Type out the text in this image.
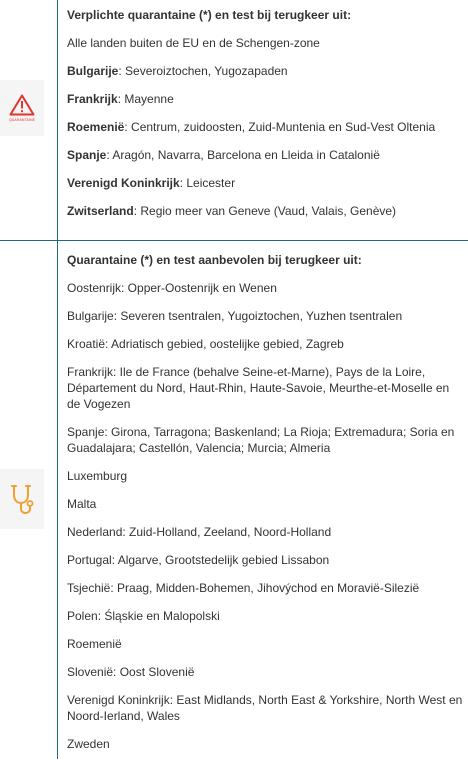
QUARANTAINE
Verplichte quarantaine (*) en test bij terugkeer uit:
Alle landen buiten de EU en de Schengen-zone
Bulgarije: Severoiztochen, Yugozapaden
Frankrijk: Mayenne
Roemenië: Centrum, zuidoosten, Zuid-Muntenia en Sud-Vest Oltenia
Spanje: Aragón, Navarra, Barcelona en Lleida in Catalonië
Verenigd Koninkrijk: Leicester
Zwitserland: Regio meer van Geneve (Vaud, Valais, Genève)
Quarantaine (*) en test aanbevolen bij terugkeer uit:
Oostenrijk: Opper-Oostenrijk en Wenen
Bulgarije: Severen tsentralen, Yugoiztochen, Yuzhen tsentralen
Kroatië: Adriatisch gebied, oostelijke gebied, Zagreb
Frankrijk: Ile de France (behalve Seine-et-Marne), Pays de la Loire, Département du Nord, Haut-Rhin, Haute-Savoie, Meurthe-et-Moselle en de Vogezen
Spanje: Girona, Tarragona; Baskenland; La Rioja; Extremadura; Soria en Guadalajara; Castellón, Valencia; Murcia; Almeria
Luxemburg
Malta
Nederland: Zuid-Holland, Zeeland, Noord-Holland
Portugal: Algarve, Grootstedelijk gebied Lissabon
Tsjechië: Praag, Midden-Bohemen, Jihovýchod en Moravië-Silezië
Polen: Śląskie en Malopolski
Roemenië
Slovenië: Oost Slovenië
Verenigd Koninkrijk: East Midlands, North East & Yorkshire, North West en Noord-Ierland, Wales
Zweden
